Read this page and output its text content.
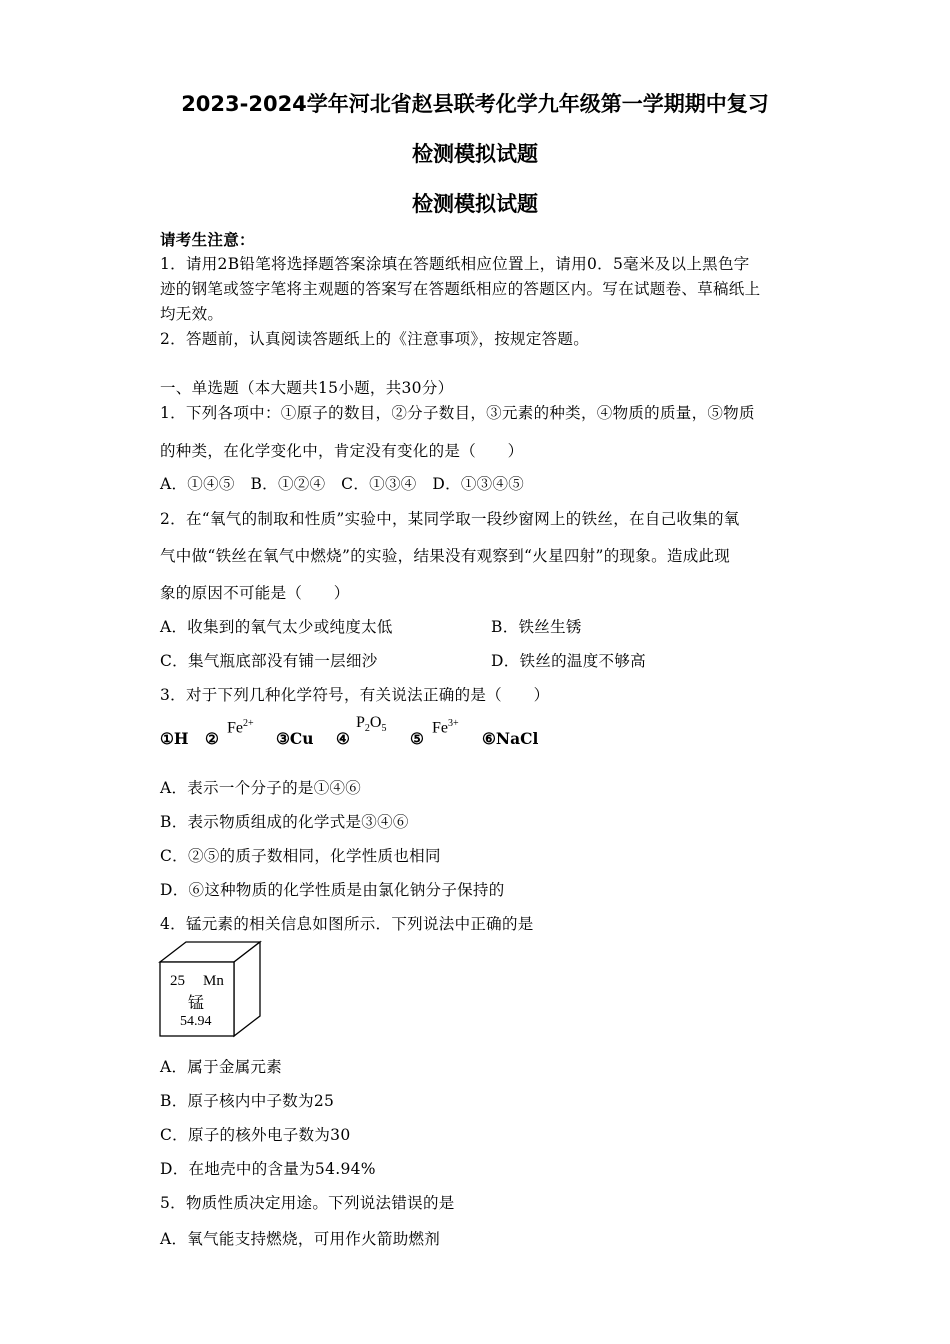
2023-2024学年河北省赵县联考化学九年级第一学期期中复习
检测模拟试题
检测模拟试题
请考生注意：
1．请用2B铅笔将选择题答案涂填在答题纸相应位置上，请用0．5毫米及以上黑色字
迹的钢笔或签字笔将主观题的答案写在答题纸相应的答题区内。写在试题卷、草稿纸上
均无效。
2．答题前，认真阅读答题纸上的《注意事项》，按规定答题。
一、单选题（本大题共15小题，共30分）
1．下列各项中：①原子的数目，②分子数目，③元素的种类，④物质的质量，⑤物质
的种类，在化学变化中，肯定没有变化的是（　　）
A．①④⑤　B．①②④　C．①③④　D．①③④⑤
2．在“氧气的制取和性质”实验中，某同学取一段纱窗网上的铁丝，在自己收集的氧
气中做“铁丝在氧气中燃烧”的实验，结果没有观察到“火星四射”的现象。造成此现
象的原因不可能是（　　）
A．收集到的氧气太少或纯度太低	B．铁丝生锈
C．集气瓶底部没有铺一层细沙	D．铁丝的温度不够高
3．对于下列几种化学符号，有关说法正确的是（　　）
①H ②
$Fe^{2+}$
③Cu ④
$P_2O_5$
⑤
$Fe^{3+}$
⑥NaCl
A．表示一个分子的是①④⑥
B．表示物质组成的化学式是③④⑥
C．②⑤的质子数相同，化学性质也相同
D．⑥这种物质的化学性质是由氯化钠分子保持的
4．锰元素的相关信息如图所示．下列说法中正确的是
25 Mn
锰
54.94
A．属于金属元素
B．原子核内中子数为25
C．原子的核外电子数为30
D．在地壳中的含量为54.94%
5．物质性质决定用途。下列说法错误的是
A．氧气能支持燃烧，可用作火箭助燃剂
